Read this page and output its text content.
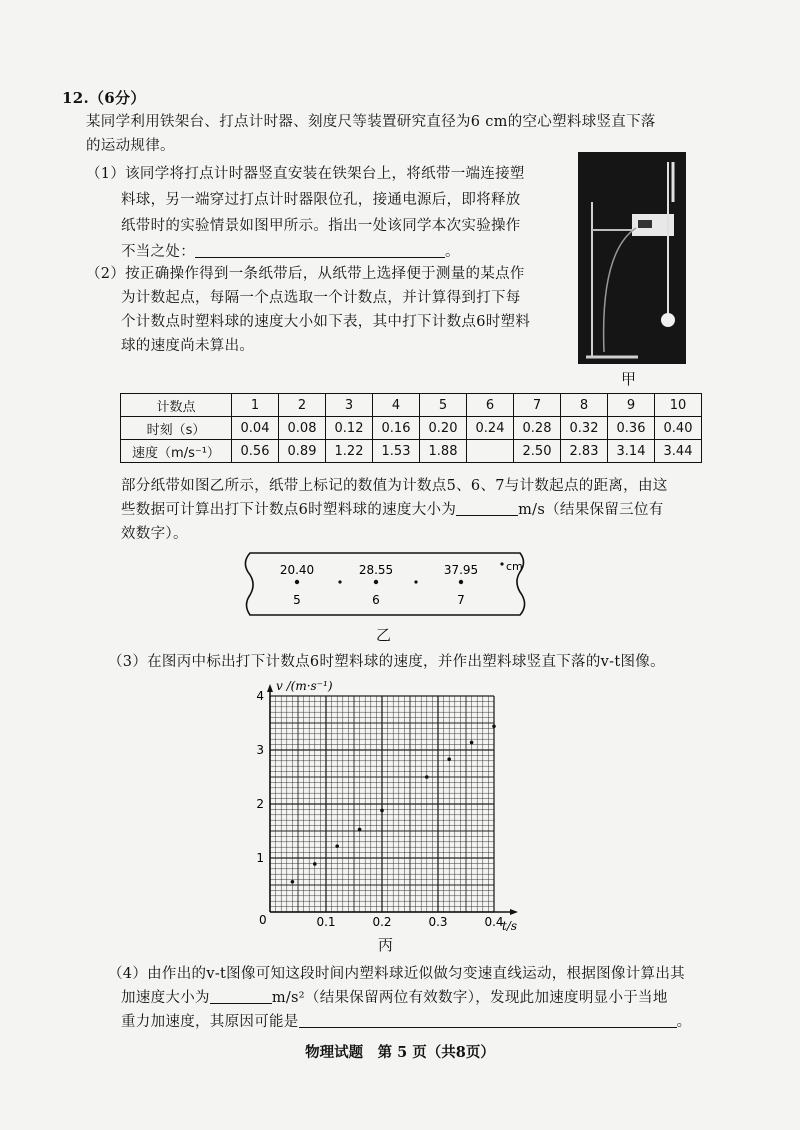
12.（6分）
某同学利用铁架台、打点计时器、刻度尺等装置研究直径为6 cm的空心塑料球竖直下落
的运动规律。
（1）该同学将打点计时器竖直安装在铁架台上，将纸带一端连接塑
料球，另一端穿过打点计时器限位孔，接通电源后，即将释放
纸带时的实验情景如图甲所示。指出一处该同学本次实验操作
不当之处：	。
（2）按正确操作得到一条纸带后，从纸带上选择便于测量的某点作
为计数起点，每隔一个点选取一个计数点，并计算得到打下每
个计数点时塑料球的速度大小如下表，其中打下计数点6时塑料
球的速度尚未算出。
甲
计数点	1	2	3	4	5	6	7	8	9	10
时刻（s）	0.04	0.08	0.12	0.16	0.20	0.24	0.28	0.32	0.36	0.40
速度（m/s⁻¹）	0.56	0.89	1.22	1.53	1.88		2.50	2.83	3.14	3.44
部分纸带如图乙所示，纸带上标记的数值为计数点5、6、7与计数起点的距离，由这
些数据可计算出打下计数点6时塑料球的速度大小为	m/s（结果保留三位有
效数字）。
20.40	28.55	37.95	cm
5	6	7
乙
（3）在图丙中标出打下计数点6时塑料球的速度，并作出塑料球竖直下落的v-t图像。
v /(m·s⁻¹)
t/s
0	0.1	0.2	0.3	0.4
1
2
3
4
丙
（4）由作出的v-t图像可知这段时间内塑料球近似做匀变速直线运动，根据图像计算出其
加速度大小为	m/s²（结果保留两位有效数字），发现此加速度明显小于当地
重力加速度，其原因可能是	。
物理试题　第 5 页（共8页）
